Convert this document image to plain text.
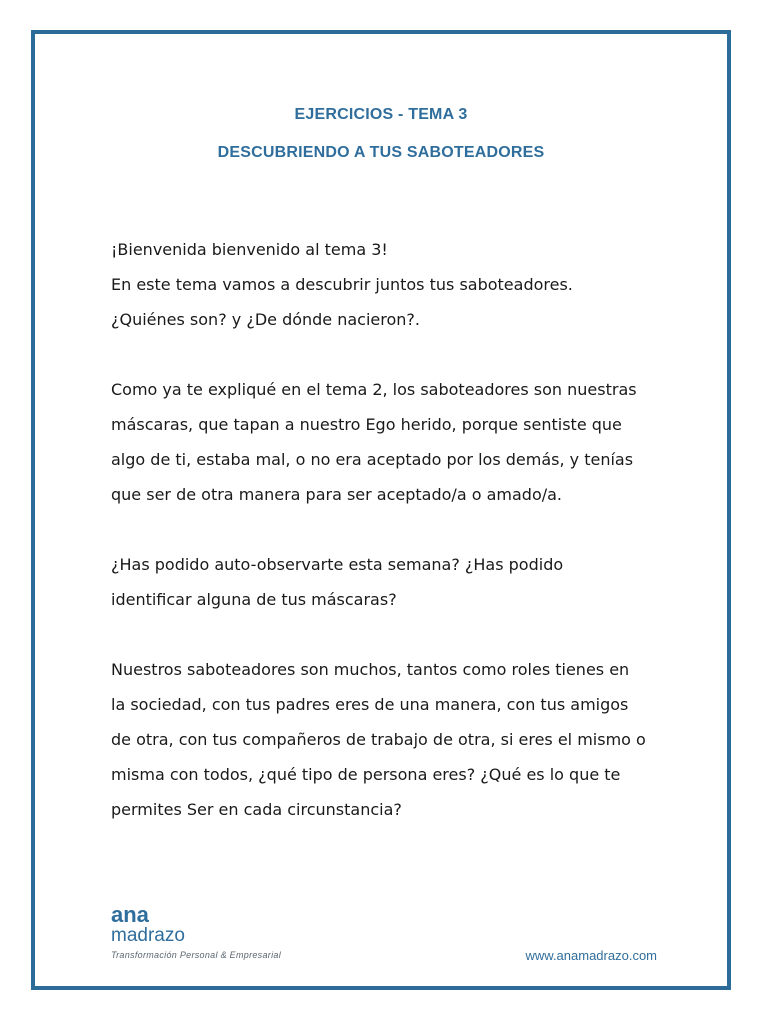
EJERCICIOS - TEMA 3
DESCUBRIENDO A TUS SABOTEADORES

¡Bienvenida bienvenido al tema 3!
En este tema vamos a descubrir juntos tus saboteadores.
¿Quiénes son? y ¿De dónde nacieron?.

Como ya te expliqué en el tema 2, los saboteadores son nuestras
máscaras, que tapan a nuestro Ego herido, porque sentiste que
algo de ti, estaba mal, o no era aceptado por los demás, y tenías
que ser de otra manera para ser aceptado/a o amado/a.

¿Has podido auto-observarte esta semana? ¿Has podido
identificar alguna de tus máscaras?

Nuestros saboteadores son muchos, tantos como roles tienes en
la sociedad, con tus padres eres de una manera, con tus amigos
de otra, con tus compañeros de trabajo de otra, si eres el mismo o
misma con todos, ¿qué tipo de persona eres? ¿Qué es lo que te
permites Ser en cada circunstancia?

ana
madrazo
Transformación Personal & Empresarial	www.anamadrazo.com
